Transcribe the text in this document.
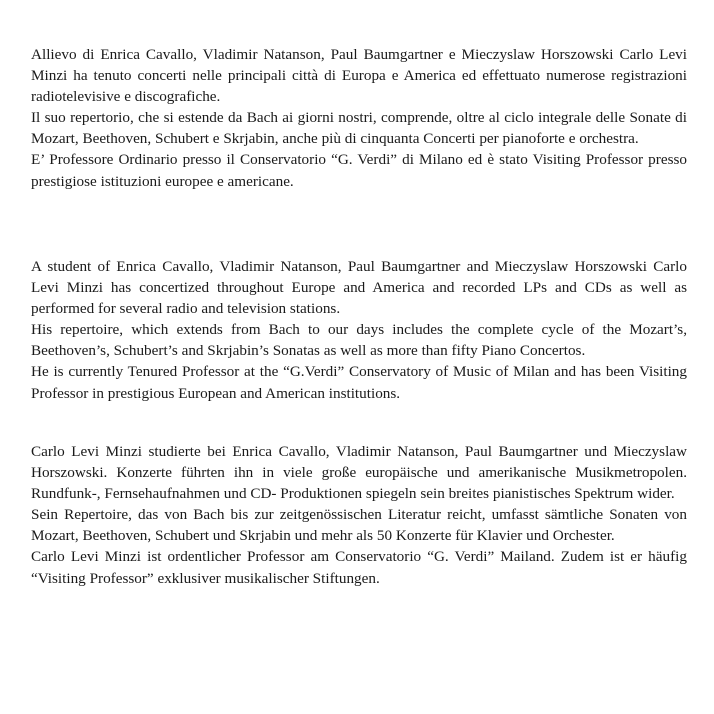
Allievo di Enrica Cavallo, Vladimir Natanson, Paul Baumgartner e Mieczyslaw Horszowski Carlo Levi Minzi ha tenuto concerti nelle principali città di Europa e America ed effettuato numerose registrazioni radiotelevisive e discografiche.

Il suo repertorio, che si estende da Bach ai giorni nostri, comprende, oltre al ciclo integrale delle Sonate di Mozart, Beethoven, Schubert e Skrjabin, anche più di cinquanta Concerti per pianoforte e orchestra.

E’ Professore Ordinario presso il Conservatorio “G. Verdi” di Milano ed è stato Visiting Professor presso prestigiose istituzioni europee e americane.

A student of Enrica Cavallo, Vladimir Natanson, Paul Baumgartner and Mieczyslaw Horszowski Carlo Levi Minzi has concertized throughout Europe and America and recorded LPs and CDs as well as performed for several radio and television stations.

His repertoire, which extends from Bach to our days includes the complete cycle of the Mozart’s, Beethoven’s, Schubert’s and Skrjabin’s Sonatas as well as more than fifty Piano Concertos.

He is currently Tenured Professor at the “G.Verdi” Conservatory of Music of Milan and has been Visiting Professor in prestigious European and American institutions.

Carlo Levi Minzi studierte bei Enrica Cavallo, Vladimir Natanson, Paul Baumgartner und Mieczyslaw Horszowski. Konzerte führten ihn in viele große europäische und amerikanische Musikmetropolen. Rundfunk-, Fernsehaufnahmen und CD- Produktionen spiegeln sein breites pianistisches Spektrum wider.

Sein Repertoire, das von Bach bis zur zeitgenössischen Literatur reicht, umfasst sämtliche Sonaten von Mozart, Beethoven, Schubert und Skrjabin und mehr als 50 Konzerte für Klavier und Orchester.

Carlo Levi Minzi ist ordentlicher Professor am Conservatorio “G. Verdi” Mailand. Zudem ist er häufig “Visiting Professor” exklusiver musikalischer Stiftungen.
